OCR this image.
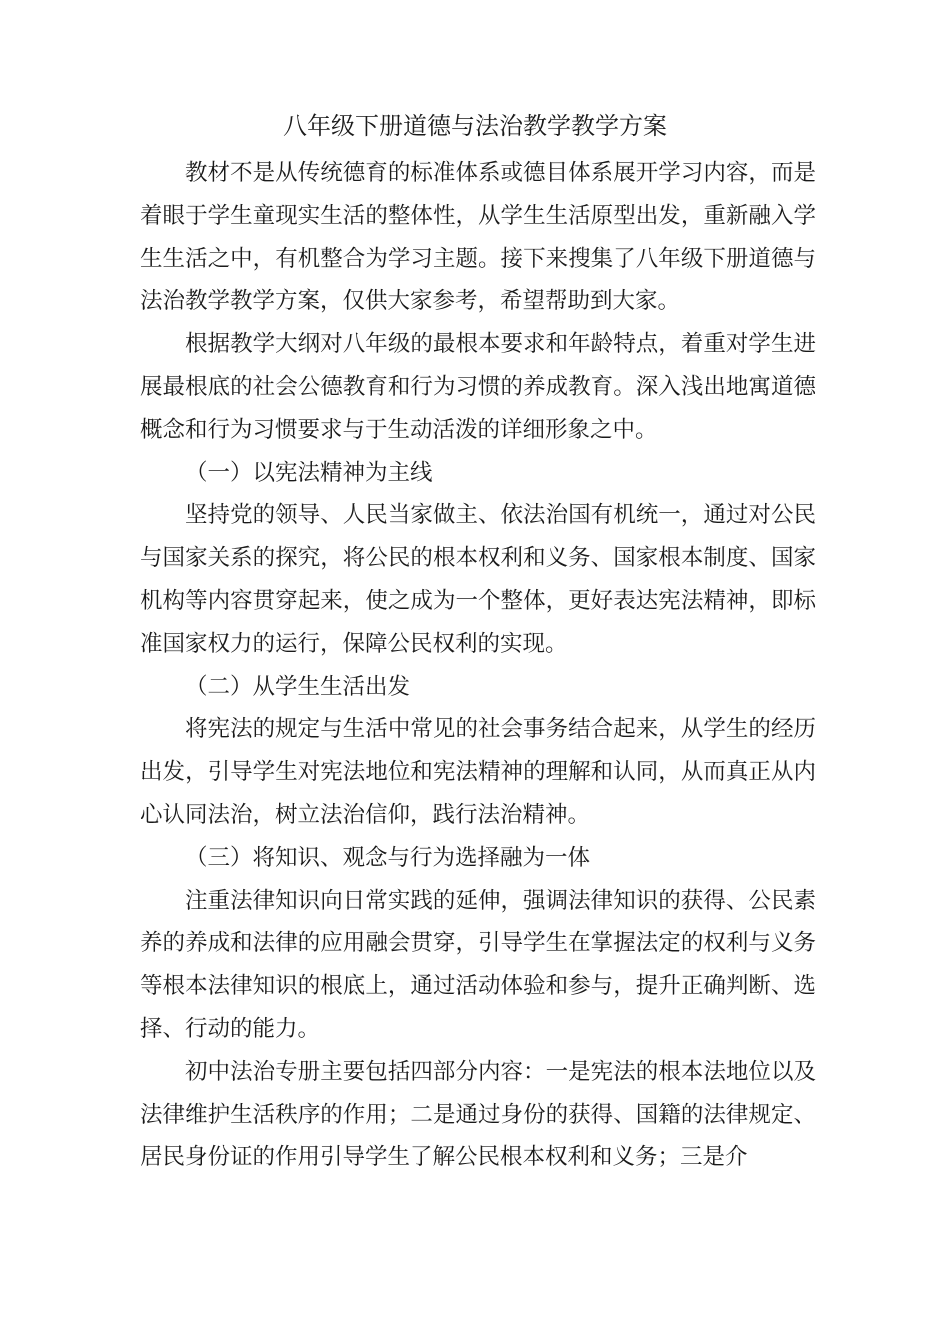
八年级下册道德与法治教学教学方案

教材不是从传统德育的标准体系或德目体系展开学习内容，而是着眼于学生童现实生活的整体性，从学生生活原型出发，重新融入学生生活之中，有机整合为学习主题。接下来搜集了八年级下册道德与法治教学教学方案，仅供大家参考，希望帮助到大家。

根据教学大纲对八年级的最根本要求和年龄特点，着重对学生进展最根底的社会公德教育和行为习惯的养成教育。深入浅出地寓道德概念和行为习惯要求与于生动活泼的详细形象之中。

（一）以宪法精神为主线

坚持党的领导、人民当家做主、依法治国有机统一，通过对公民与国家关系的探究，将公民的根本权利和义务、国家根本制度、国家机构等内容贯穿起来，使之成为一个整体，更好表达宪法精神，即标准国家权力的运行，保障公民权利的实现。

（二）从学生生活出发

将宪法的规定与生活中常见的社会事务结合起来，从学生的经历出发，引导学生对宪法地位和宪法精神的理解和认同，从而真正从内心认同法治，树立法治信仰，践行法治精神。

（三）将知识、观念与行为选择融为一体

注重法律知识向日常实践的延伸，强调法律知识的获得、公民素养的养成和法律的应用融会贯穿，引导学生在掌握法定的权利与义务等根本法律知识的根底上，通过活动体验和参与，提升正确判断、选择、行动的能力。

初中法治专册主要包括四部分内容：一是宪法的根本法地位以及法律维护生活秩序的作用；二是通过身份的获得、国籍的法律规定、居民身份证的作用引导学生了解公民根本权利和义务；三是介
